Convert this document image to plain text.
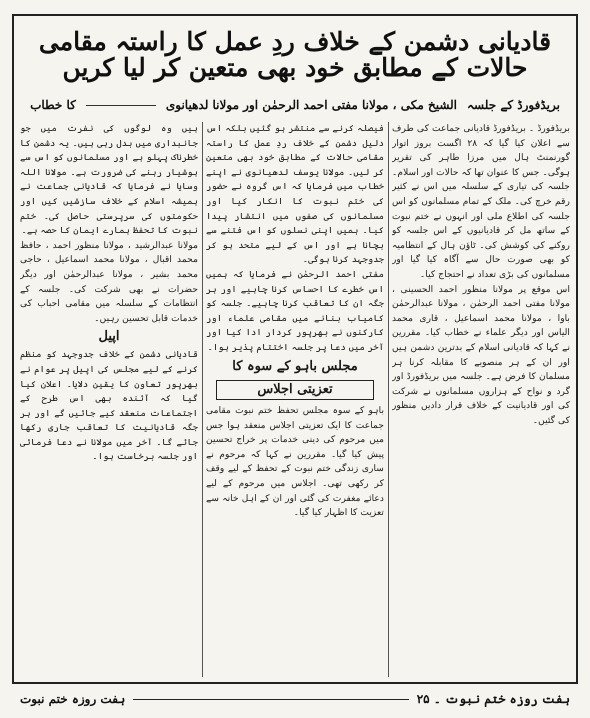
قادیانی دشمن کے خلاف ردِ عمل کا راستہ مقامی حالات کے مطابق خود بھی متعین کر لیا کریں
بریڈفورڈ کے جلسہ
الشیخ مکی ، مولانا مفتی احمد الرحمٰن اور مولانا لدھیانوی
کا خطاب

بریڈفورڈ ۔ بریڈفورڈ قادیانی جماعت کی طرف سے اعلان کیا گیا کہ ۲۸ اگست بروز اتوار گورنمنٹ ہال میں مرزا طاہر کی تقریر ہوگی۔ جس کا عنوان تھا کہ حالات اور اسلام۔ جلسہ کی تیاری کے سلسلہ میں اس نے کثیر رقم خرچ کی۔ ملک کے تمام مسلمانوں کو اس جلسہ کی اطلاع ملی اور انہوں نے ختم نبوت کے ساتھ مل کر قادیانیوں کے اس جلسہ کو روکنے کی کوشش کی۔ ٹاؤن ہال کے انتظامیہ کو بھی صورت حال سے آگاہ کیا گیا اور مسلمانوں کی بڑی تعداد نے احتجاج کیا۔

اس موقع پر مولانا منظور احمد الحسینی ، مولانا مفتی احمد الرحمٰن ، مولانا عبدالرحمٰن باوا ، مولانا محمد اسماعیل ، قاری محمد الیاس اور دیگر علماء نے خطاب کیا۔ مقررین نے کہا کہ قادیانی اسلام کے بدترین دشمن ہیں اور ان کے ہر منصوبے کا مقابلہ کرنا ہر مسلمان کا فرض ہے۔ جلسہ میں بریڈفورڈ اور گرد و نواح کے ہزاروں مسلمانوں نے شرکت کی اور قادیانیت کے خلاف قرار دادیں منظور کی گئیں۔

فیصلہ کرنے سے منتشر ہو گئیں بلکہ اس دلیل دشمن کے خلاف ردِ عمل کا راستہ مقامی حالات کے مطابق خود بھی متعین کر لیں۔ مولانا یوسف لدھیانوی نے اپنے خطاب میں فرمایا کہ اس گروہ نے حضور کی ختم نبوت کا انکار کیا اور مسلمانوں کی صفوں میں انتشار پیدا کیا۔ ہمیں اپنی نسلوں کو اس فتنے سے بچانا ہے اور اس کے لیے متحد ہو کر جدوجہد کرنا ہوگی۔

مفتی احمد الرحمٰن نے فرمایا کہ ہمیں اس خطرے کا احساس کرنا چاہیے اور ہر جگہ ان کا تعاقب کرنا چاہیے۔ جلسہ کو کامیاب بنانے میں مقامی علماء اور کارکنوں نے بھرپور کردار ادا کیا اور آخر میں دعا پر جلسہ اختتام پذیر ہوا۔

مجلس باہو کے سوہ کا
تعزیتی اجلاس

باہو کے سوہ مجلس تحفظ ختم نبوت مقامی جماعت کا ایک تعزیتی اجلاس منعقد ہوا جس میں مرحوم کی دینی خدمات پر خراج تحسین پیش کیا گیا۔ مقررین نے کہا کہ مرحوم نے ساری زندگی ختم نبوت کے تحفظ کے لیے وقف کر رکھی تھی۔ اجلاس میں مرحوم کے لیے دعائے مغفرت کی گئی اور ان کے اہل خانہ سے تعزیت کا اظہار کیا گیا۔

ہیں وہ لوگوں کی نفرت میں جو جانبداری میں بدل رہی ہیں۔ یہ دشمن کا خطرناک پہلو ہے اور مسلمانوں کو اس سے ہوشیار رہنے کی ضرورت ہے۔ مولانا اللہ وسایا نے فرمایا کہ قادیانی جماعت نے ہمیشہ اسلام کے خلاف سازشیں کیں اور حکومتوں کی سرپرستی حاصل کی۔ ختم نبوت کا تحفظ ہمارے ایمان کا حصہ ہے۔

مولانا عبدالرشید ، مولانا منظور احمد ، حافظ محمد اقبال ، مولانا محمد اسماعیل ، حاجی محمد بشیر ، مولانا عبدالرحمٰن اور دیگر حضرات نے بھی شرکت کی۔ جلسہ کے انتظامات کے سلسلہ میں مقامی احباب کی خدمات قابل تحسین رہیں۔

اپیل

قادیانی دشمن کے خلاف جدوجہد کو منظم کرنے کے لیے مجلس کی اپیل پر عوام نے بھرپور تعاون کا یقین دلایا۔ اعلان کیا گیا کہ آئندہ بھی اس طرح کے اجتماعات منعقد کیے جائیں گے اور ہر جگہ قادیانیت کا تعاقب جاری رکھا جائے گا۔ آخر میں مولانا نے دعا فرمائی اور جلسہ برخاست ہوا۔

ہفت روزہ ختم نبوت	ہفت روزہ ختم نبوت ۔ ۲۵
